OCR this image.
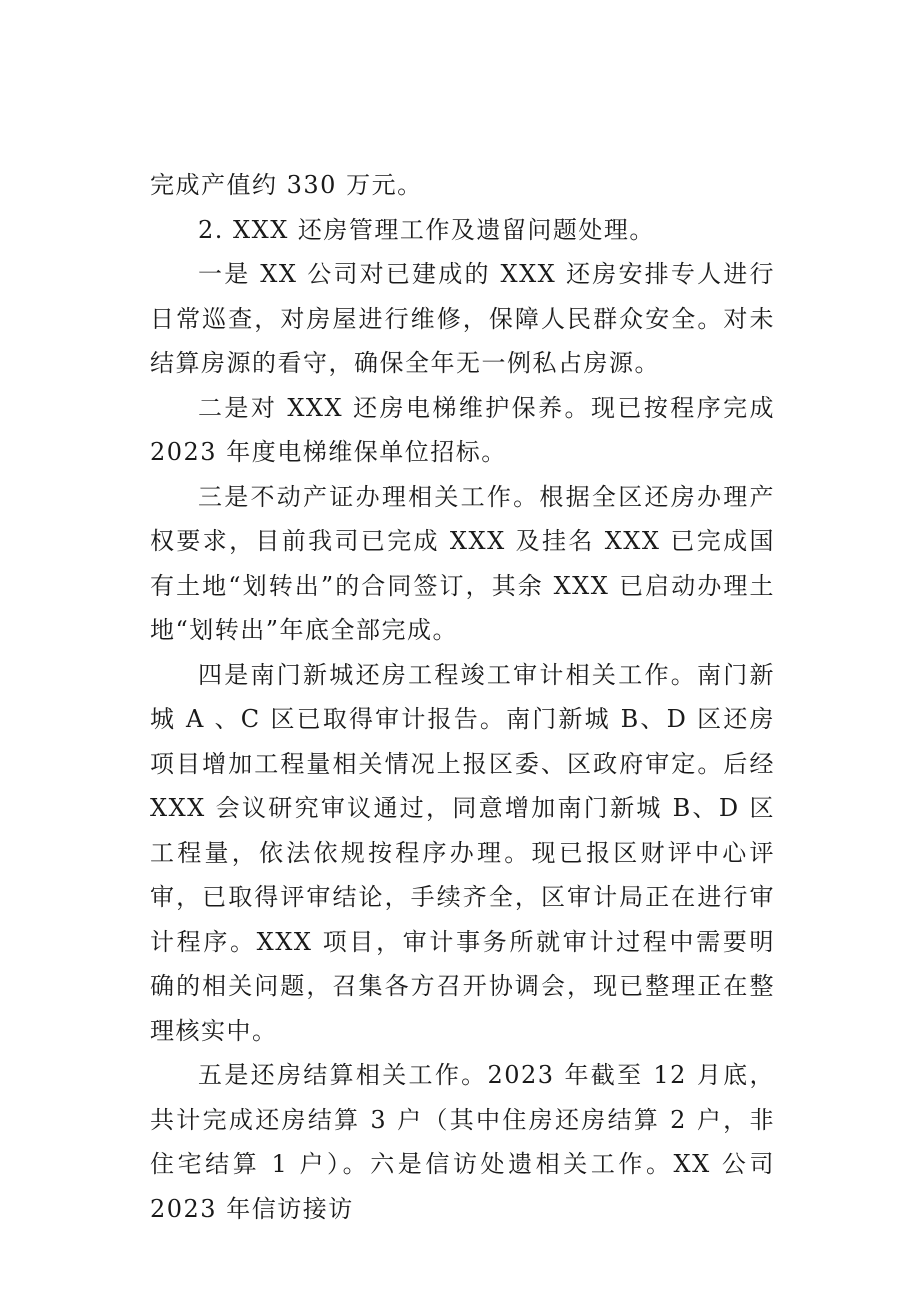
完成产值约 330 万元。

2. XXX 还房管理工作及遗留问题处理。

一是 XX 公司对已建成的 XXX 还房安排专人进行日常巡查，对房屋进行维修，保障人民群众安全。对未结算房源的看守，确保全年无一例私占房源。

二是对 XXX 还房电梯维护保养。现已按程序完成 2023 年度电梯维保单位招标。

三是不动产证办理相关工作。根据全区还房办理产权要求，目前我司已完成 XXX 及挂名 XXX 已完成国有土地“划转出”的合同签订，其余 XXX 已启动办理土地“划转出”年底全部完成。

四是南门新城还房工程竣工审计相关工作。南门新城 A 、C 区已取得审计报告。南门新城 B、D 区还房项目增加工程量相关情况上报区委、区政府审定。后经 XXX 会议研究审议通过，同意增加南门新城 B、D 区工程量，依法依规按程序办理。现已报区财评中心评审，已取得评审结论，手续齐全，区审计局正在进行审计程序。XXX 项目，审计事务所就审计过程中需要明确的相关问题，召集各方召开协调会，现已整理正在整理核实中。

五是还房结算相关工作。2023 年截至 12 月底，共计完成还房结算 3 户（其中住房还房结算 2 户，非住宅结算 1 户）。六是信访处遗相关工作。XX 公司 2023 年信访接访
